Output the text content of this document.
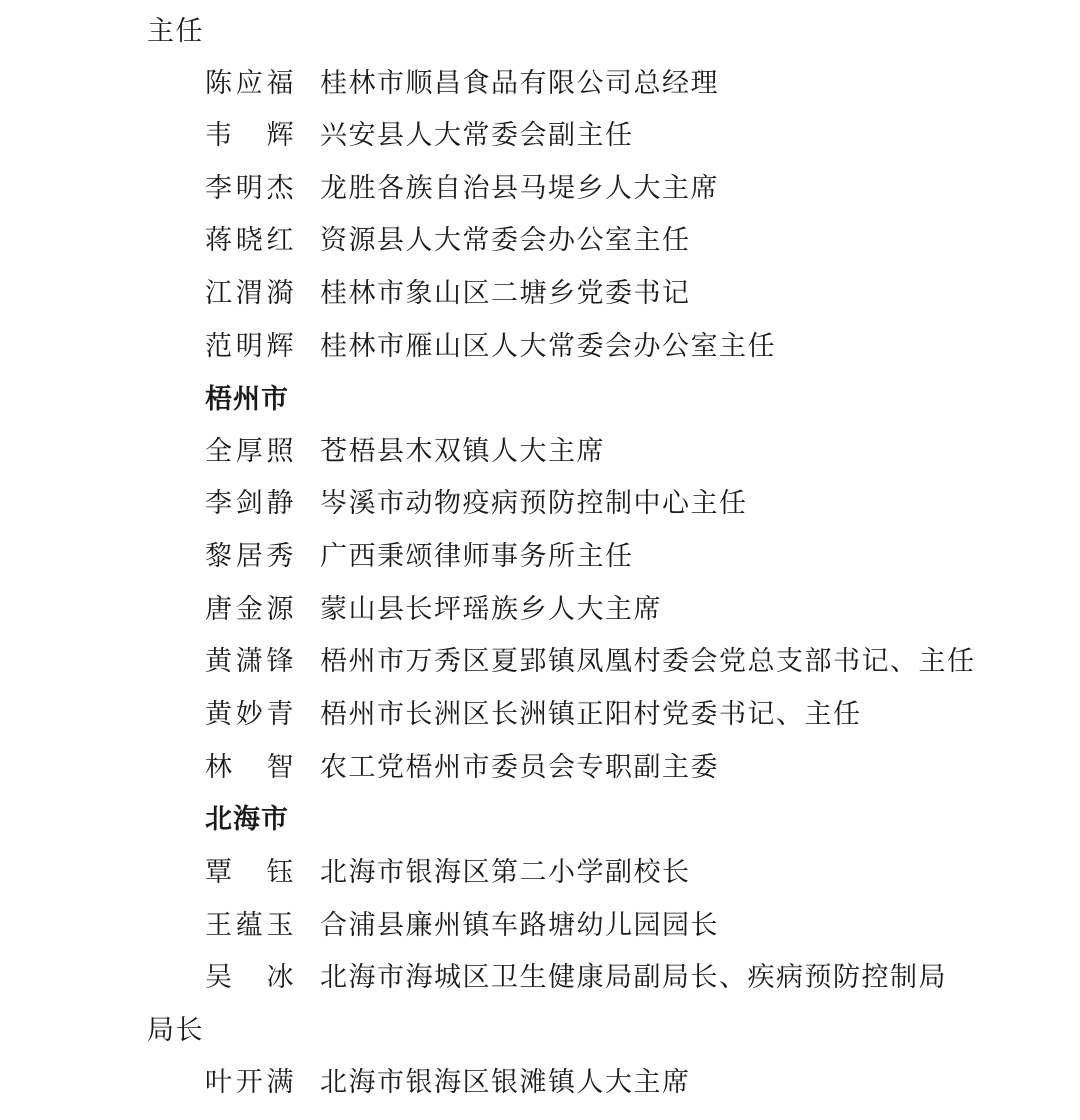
主任
陈应福 桂林市顺昌食品有限公司总经理
韦　辉 兴安县人大常委会副主任
李明杰 龙胜各族自治县马堤乡人大主席
蒋晓红 资源县人大常委会办公室主任
江渭漪 桂林市象山区二塘乡党委书记
范明辉 桂林市雁山区人大常委会办公室主任
梧州市
全厚照 苍梧县木双镇人大主席
李剑静 岑溪市动物疫病预防控制中心主任
黎居秀 广西秉颂律师事务所主任
唐金源 蒙山县长坪瑶族乡人大主席
黄潇锋 梧州市万秀区夏郢镇凤凰村委会党总支部书记、主任
黄妙青 梧州市长洲区长洲镇正阳村党委书记、主任
林　智 农工党梧州市委员会专职副主委
北海市
覃　钰 北海市银海区第二小学副校长
王蕴玉 合浦县廉州镇车路塘幼儿园园长
吴　冰 北海市海城区卫生健康局副局长、疾病预防控制局
局长
叶开满 北海市银海区银滩镇人大主席
